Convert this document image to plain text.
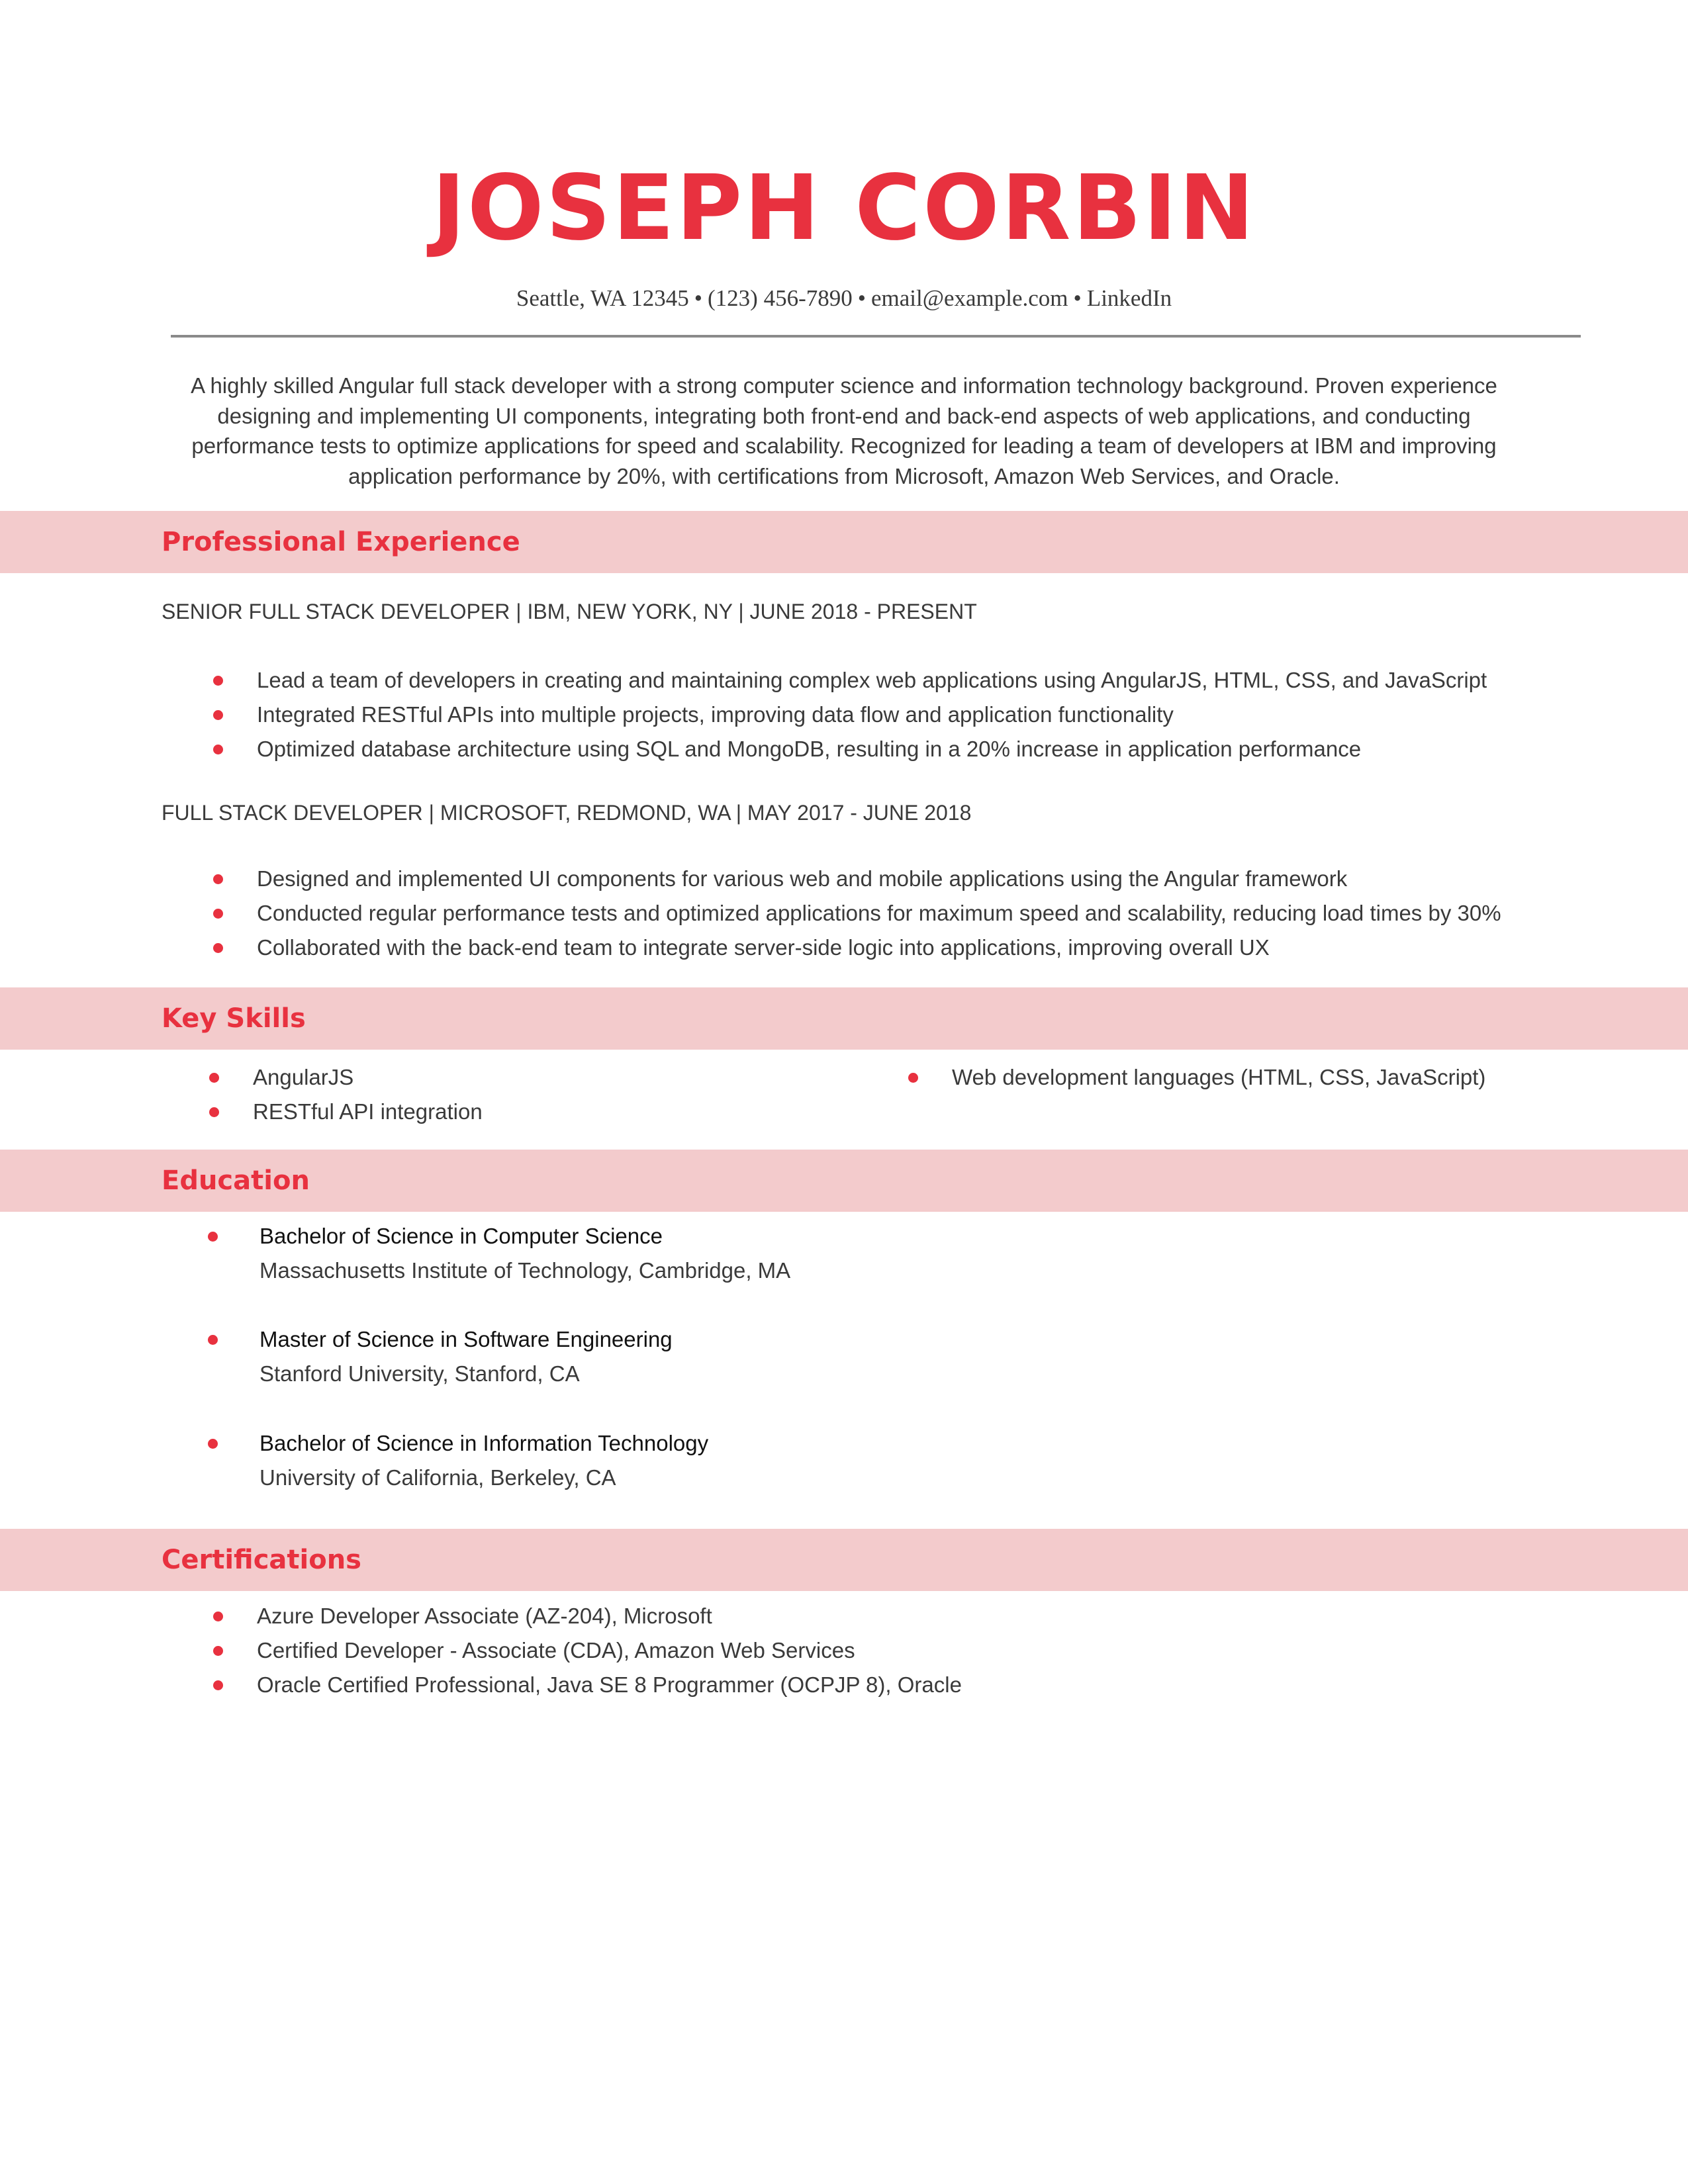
JOSEPH CORBIN
Seattle, WA 12345 • (123) 456-7890 • email@example.com • LinkedIn
A highly skilled Angular full stack developer with a strong computer science and information technology background. Proven experience designing and implementing UI components, integrating both front-end and back-end aspects of web applications, and conducting performance tests to optimize applications for speed and scalability. Recognized for leading a team of developers at IBM and improving application performance by 20%, with certifications from Microsoft, Amazon Web Services, and Oracle.
Professional Experience
SENIOR FULL STACK DEVELOPER | IBM, NEW YORK, NY | JUNE 2018 - PRESENT
Lead a team of developers in creating and maintaining complex web applications using AngularJS, HTML, CSS, and JavaScript
Integrated RESTful APIs into multiple projects, improving data flow and application functionality
Optimized database architecture using SQL and MongoDB, resulting in a 20% increase in application performance
FULL STACK DEVELOPER | MICROSOFT, REDMOND, WA | MAY 2017 - JUNE 2018
Designed and implemented UI components for various web and mobile applications using the Angular framework
Conducted regular performance tests and optimized applications for maximum speed and scalability, reducing load times by 30%
Collaborated with the back-end team to integrate server-side logic into applications, improving overall UX
Key Skills
AngularJS
RESTful API integration
Web development languages (HTML, CSS, JavaScript)
Education
Bachelor of Science in Computer Science
Massachusetts Institute of Technology, Cambridge, MA
Master of Science in Software Engineering
Stanford University, Stanford, CA
Bachelor of Science in Information Technology
University of California, Berkeley, CA
Certifications
Azure Developer Associate (AZ-204), Microsoft
Certified Developer - Associate (CDA), Amazon Web Services
Oracle Certified Professional, Java SE 8 Programmer (OCPJP 8), Oracle
